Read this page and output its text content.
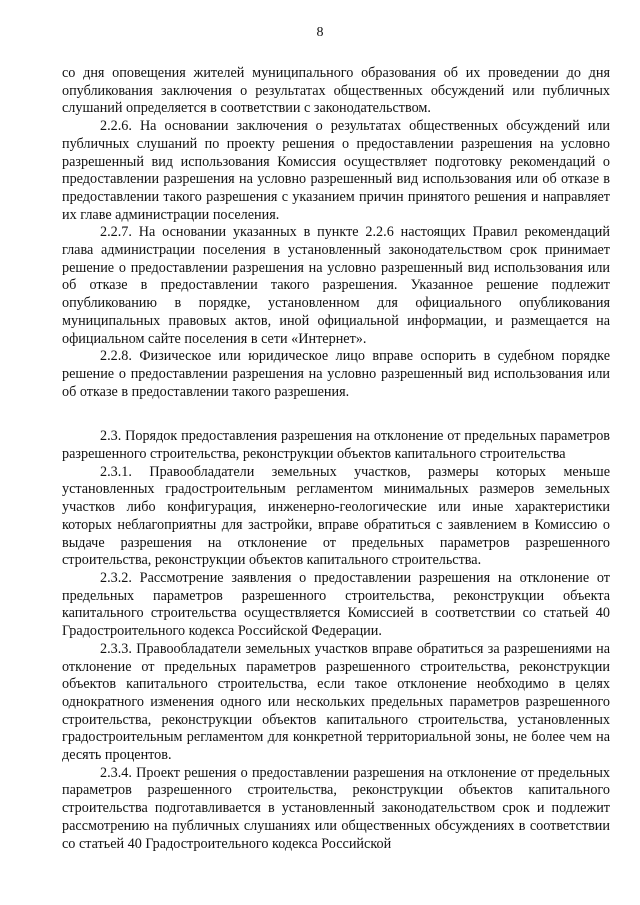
8

со дня оповещения жителей муниципального образования об их проведении до дня опубликования заключения о результатах общественных обсуждений или публичных слушаний определяется в соответствии с законодательством.

2.2.6. На основании заключения о результатах общественных обсуждений или публичных слушаний по проекту решения о предоставлении разрешения на условно разрешенный вид использования Комиссия осуществляет подготовку рекомендаций о предоставлении разрешения на условно разрешенный вид использования или об отказе в предоставлении такого разрешения с указанием причин принятого решения и направляет их главе администрации поселения.

2.2.7. На основании указанных в пункте 2.2.6 настоящих Правил рекомендаций глава администрации поселения в установленный законодательством срок принимает решение о предоставлении разрешения на условно разрешенный вид использования или об отказе в предоставлении такого разрешения. Указанное решение подлежит опубликованию в порядке, установленном для официального опубликования муниципальных правовых актов, иной официальной информации, и размещается на официальном сайте поселения в сети «Интернет».

2.2.8. Физическое или юридическое лицо вправе оспорить в судебном порядке решение о предоставлении разрешения на условно разрешенный вид использования или об отказе в предоставлении такого разрешения.

2.3. Порядок предоставления разрешения на отклонение от предельных параметров разрешенного строительства, реконструкции объектов капитального строительства

2.3.1. Правообладатели земельных участков, размеры которых меньше установленных градостроительным регламентом минимальных размеров земельных участков либо конфигурация, инженерно-геологические или иные характеристики которых неблагоприятны для застройки, вправе обратиться с заявлением в Комиссию о выдаче разрешения на отклонение от предельных параметров разрешенного строительства, реконструкции объектов капитального строительства.

2.3.2. Рассмотрение заявления о предоставлении разрешения на отклонение от предельных параметров разрешенного строительства, реконструкции объекта капитального строительства осуществляется Комиссией в соответствии со статьей 40 Градостроительного кодекса Российской Федерации.

2.3.3. Правообладатели земельных участков вправе обратиться за разрешениями на отклонение от предельных параметров разрешенного строительства, реконструкции объектов капитального строительства, если такое отклонение необходимо в целях однократного изменения одного или нескольких предельных параметров разрешенного строительства, реконструкции объектов капитального строительства, установленных градостроительным регламентом для конкретной территориальной зоны, не более чем на десять процентов.

2.3.4. Проект решения о предоставлении разрешения на отклонение от предельных параметров разрешенного строительства, реконструкции объектов капитального строительства подготавливается в установленный законодательством срок и подлежит рассмотрению на публичных слушаниях или общественных обсуждениях в соответствии со статьей 40 Градостроительного кодекса Российской
